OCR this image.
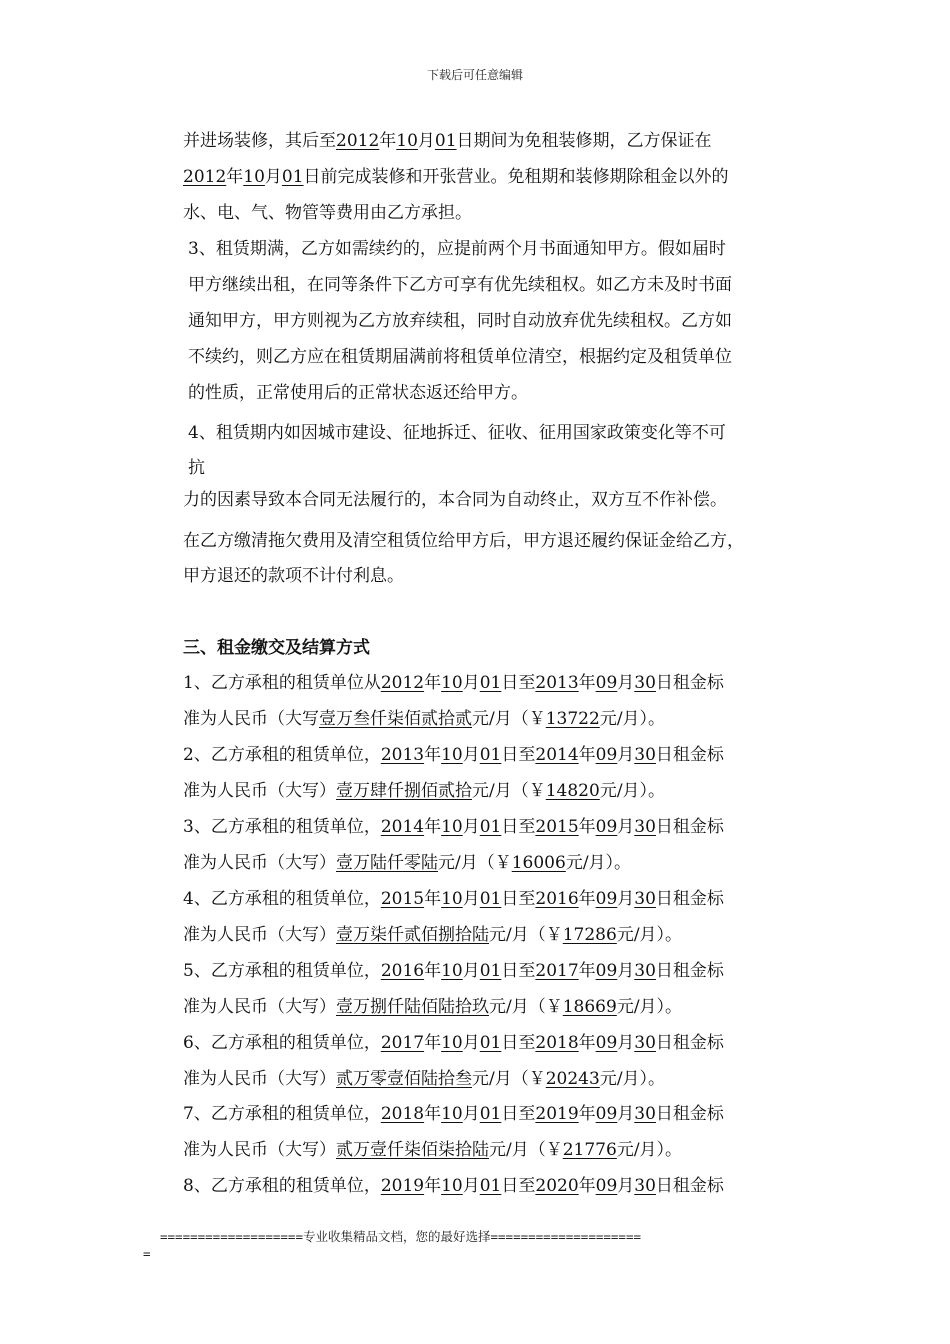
下载后可任意编辑
并进场装修，其后至2012年10月01日期间为免租装修期，乙方保证在
2012年10月01日前完成装修和开张营业。免租期和装修期除租金以外的
水、电、气、物管等费用由乙方承担。
3、租赁期满，乙方如需续约的，应提前两个月书面通知甲方。假如届时
甲方继续出租，在同等条件下乙方可享有优先续租权。如乙方未及时书面
通知甲方，甲方则视为乙方放弃续租，同时自动放弃优先续租权。乙方如
不续约，则乙方应在租赁期届满前将租赁单位清空，根据约定及租赁单位
的性质，正常使用后的正常状态返还给甲方。
4、租赁期内如因城市建设、征地拆迁、征收、征用国家政策变化等不可
抗
力的因素导致本合同无法履行的，本合同为自动终止，双方互不作补偿。
在乙方缴清拖欠费用及清空租赁位给甲方后，甲方退还履约保证金给乙方，
甲方退还的款项不计付利息。
三、租金缴交及结算方式
1、乙方承租的租赁单位从2012年10月01日至2013年09月30日租金标
准为人民币（大写壹万叁仟柒佰贰拾贰元/月（￥13722元/月）。
2、乙方承租的租赁单位，2013年10月01日至2014年09月30日租金标
准为人民币（大写）壹万肆仟捌佰贰拾元/月（￥14820元/月）。
3、乙方承租的租赁单位，2014年10月01日至2015年09月30日租金标
准为人民币（大写）壹万陆仟零陆元/月（￥16006元/月）。
4、乙方承租的租赁单位，2015年10月01日至2016年09月30日租金标
准为人民币（大写）壹万柒仟贰佰捌拾陆元/月（￥17286元/月）。
5、乙方承租的租赁单位，2016年10月01日至2017年09月30日租金标
准为人民币（大写）壹万捌仟陆佰陆拾玖元/月（￥18669元/月）。
6、乙方承租的租赁单位，2017年10月01日至2018年09月30日租金标
准为人民币（大写）贰万零壹佰陆拾叁元/月（￥20243元/月）。
7、乙方承租的租赁单位，2018年10月01日至2019年09月30日租金标
准为人民币（大写）贰万壹仟柒佰柒拾陆元/月（￥21776元/月）。
8、乙方承租的租赁单位，2019年10月01日至2020年09月30日租金标
===================专业收集精品文档，您的最好选择====================
=
